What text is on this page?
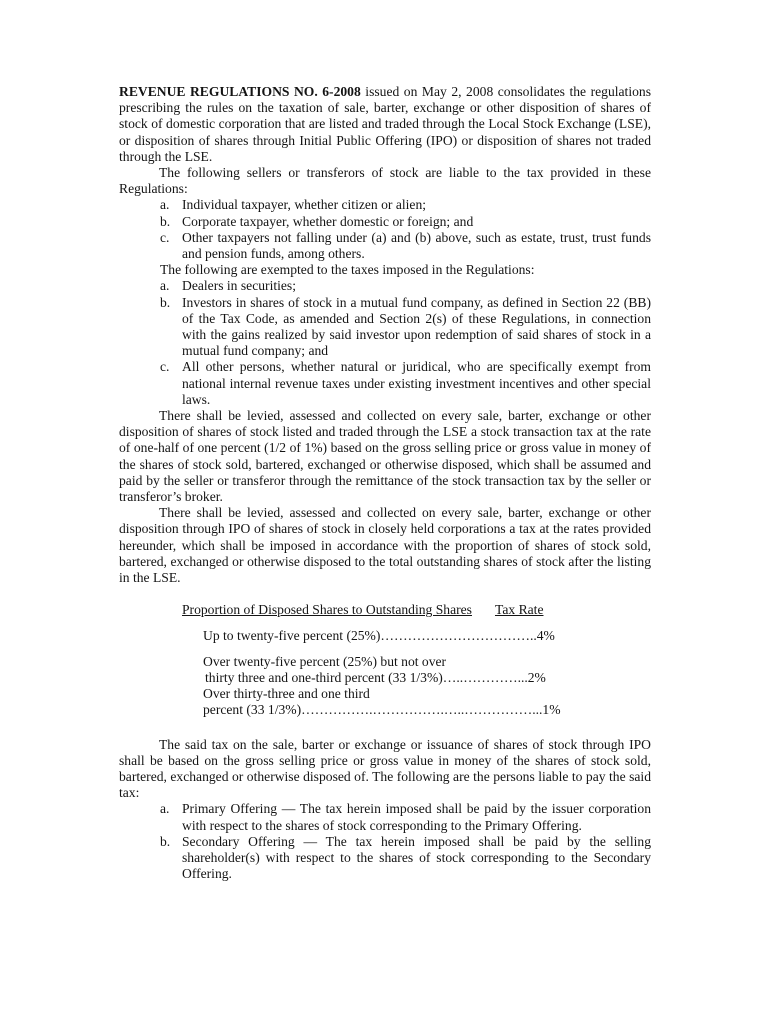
REVENUE REGULATIONS NO. 6-2008 issued on May 2, 2008 consolidates the regulations prescribing the rules on the taxation of sale, barter, exchange or other disposition of shares of stock of domestic corporation that are listed and traded through the Local Stock Exchange (LSE), or disposition of shares through Initial Public Offering (IPO) or disposition of shares not traded through the LSE.

The following sellers or transferors of stock are liable to the tax provided in these Regulations:

a. Individual taxpayer, whether citizen or alien;
b. Corporate taxpayer, whether domestic or foreign; and
c. Other taxpayers not falling under (a) and (b) above, such as estate, trust, trust funds and pension funds, among others.

The following are exempted to the taxes imposed in the Regulations:

a. Dealers in securities;
b. Investors in shares of stock in a mutual fund company, as defined in Section 22 (BB) of the Tax Code, as amended and Section 2(s) of these Regulations, in connection with the gains realized by said investor upon redemption of said shares of stock in a mutual fund company; and
c. All other persons, whether natural or juridical, who are specifically exempt from national internal revenue taxes under existing investment incentives and other special laws.

There shall be levied, assessed and collected on every sale, barter, exchange or other disposition of shares of stock listed and traded through the LSE a stock transaction tax at the rate of one-half of one percent (1/2 of 1%) based on the gross selling price or gross value in money of the shares of stock sold, bartered, exchanged or otherwise disposed, which shall be assumed and paid by the seller or transferor through the remittance of the stock transaction tax by the seller or transferor’s broker.

There shall be levied, assessed and collected on every sale, barter, exchange or other disposition through IPO of shares of stock in closely held corporations a tax at the rates provided hereunder, which shall be imposed in accordance with the proportion of shares of stock sold, bartered, exchanged or otherwise disposed to the total outstanding shares of stock after the listing in the LSE.

Proportion of Disposed Shares to Outstanding Shares Tax Rate
Up to twenty-five percent (25%)……………………………..4%
Over twenty-five percent (25%) but not over
thirty three and one-third percent (33 1/3%)…..…………...2%
Over thirty-three and one third
percent (33 1/3%)…………….…………….…..……………...1%

The said tax on the sale, barter or exchange or issuance of shares of stock through IPO shall be based on the gross selling price or gross value in money of the shares of stock sold, bartered, exchanged or otherwise disposed of. The following are the persons liable to pay the said tax:

a. Primary Offering — The tax herein imposed shall be paid by the issuer corporation with respect to the shares of stock corresponding to the Primary Offering.
b. Secondary Offering — The tax herein imposed shall be paid by the selling shareholder(s) with respect to the shares of stock corresponding to the Secondary Offering.
